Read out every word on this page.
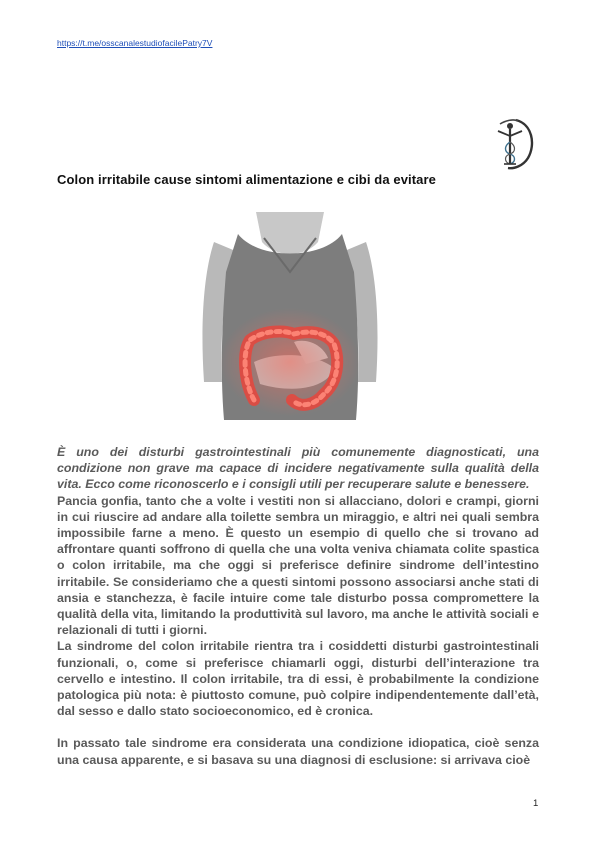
https://t.me/osscanalestudiofacilePatry7V
Colon irritabile cause sintomi alimentazione e cibi da evitare

È uno dei disturbi gastrointestinali più comunemente diagnosticati, una condizione non grave ma capace di incidere negativamente sulla qualità della vita. Ecco come riconoscerlo e i consigli utili per recuperare salute e benessere.

Pancia gonfia, tanto che a volte i vestiti non si allacciano, dolori e crampi, giorni in cui riuscire ad andare alla toilette sembra un miraggio, e altri nei quali sembra impossibile farne a meno. È questo un esempio di quello che si trovano ad affrontare quanti soffrono di quella che una volta veniva chiamata colite spastica o colon irritabile, ma che oggi si preferisce definire sindrome dell’intestino irritabile. Se consideriamo che a questi sintomi possono associarsi anche stati di ansia e stanchezza, è facile intuire come tale disturbo possa compromettere la qualità della vita, limitando la produttività sul lavoro, ma anche le attività sociali e relazionali di tutti i giorni.

La sindrome del colon irritabile rientra tra i cosiddetti disturbi gastrointestinali funzionali, o, come si preferisce chiamarli oggi, disturbi dell’interazione tra cervello e intestino. Il colon irritabile, tra di essi, è probabilmente la condizione patologica più nota: è piuttosto comune, può colpire indipendentemente dall’età, dal sesso e dallo stato socioeconomico, ed è cronica.

In passato tale sindrome era considerata una condizione idiopatica, cioè senza una causa apparente, e si basava su una diagnosi di esclusione: si arrivava cioè

1
